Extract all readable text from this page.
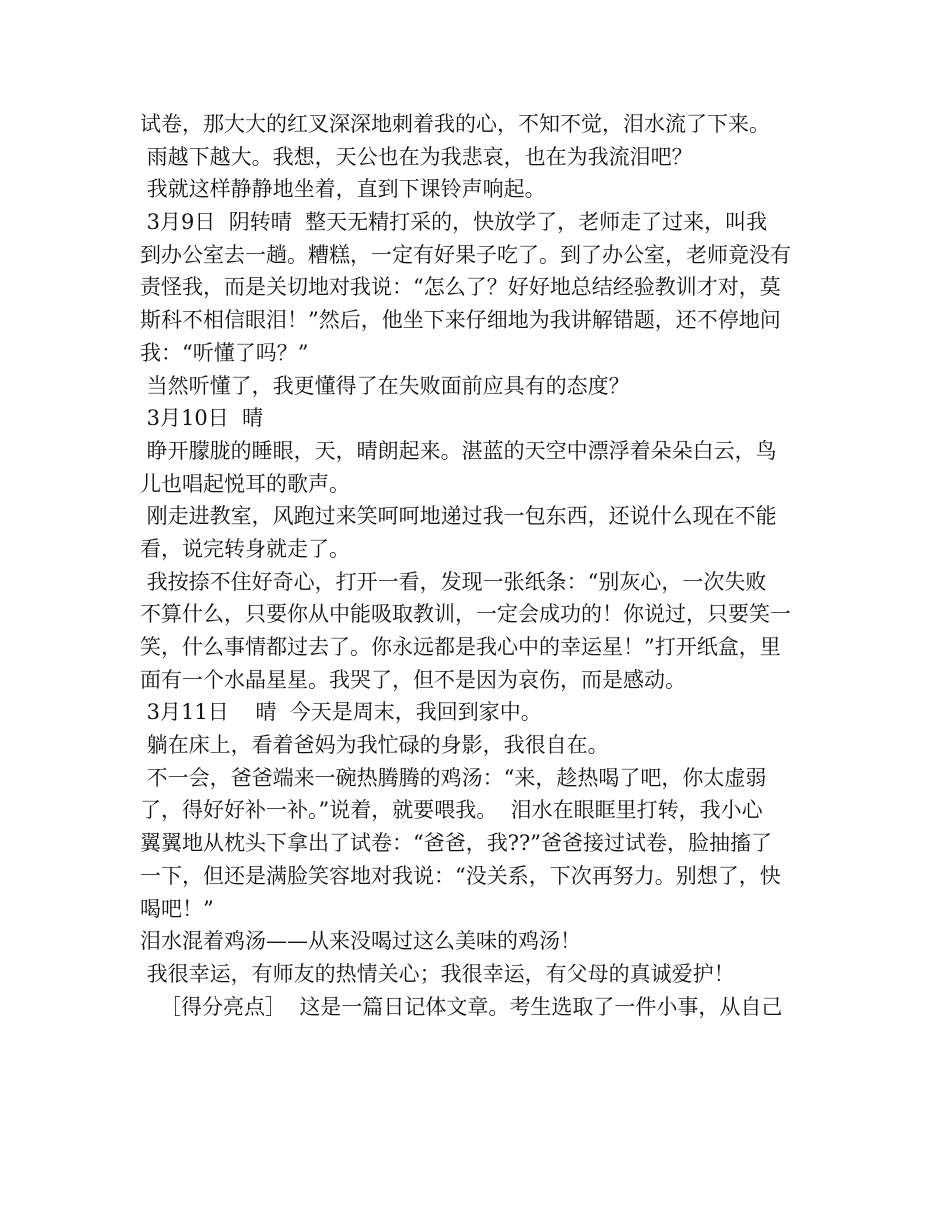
试卷，那大大的红叉深深地刺着我的心，不知不觉，泪水流了下来。
雨越下越大。我想，天公也在为我悲哀，也在为我流泪吧？
我就这样静静地坐着，直到下课铃声响起。
3月9日  阴转晴  整天无精打采的，快放学了，老师走了过来，叫我
到办公室去一趟。糟糕，一定有好果子吃了。到了办公室，老师竟没有
责怪我，而是关切地对我说：“怎么了？好好地总结经验教训才对，莫
斯科不相信眼泪！”然后，他坐下来仔细地为我讲解错题，还不停地问
我：“听懂了吗？”
当然听懂了，我更懂得了在失败面前应具有的态度？
3月10日  晴
睁开朦胧的睡眼，天，晴朗起来。湛蓝的天空中漂浮着朵朵白云，鸟
儿也唱起悦耳的歌声。
刚走进教室，风跑过来笑呵呵地递过我一包东西，还说什么现在不能
看，说完转身就走了。
我按捺不住好奇心，打开一看，发现一张纸条：“别灰心，一次失败
不算什么，只要你从中能吸取教训，一定会成功的！你说过，只要笑一
笑，什么事情都过去了。你永远都是我心中的幸运星！”打开纸盒，里
面有一个水晶星星。我哭了，但不是因为哀伤，而是感动。
3月11日    晴  今天是周末，我回到家中。
躺在床上，看着爸妈为我忙碌的身影，我很自在。
不一会，爸爸端来一碗热腾腾的鸡汤：“来，趁热喝了吧，你太虚弱
了，得好好补一补。”说着，就要喂我。  泪水在眼眶里打转，我小心
翼翼地从枕头下拿出了试卷：“爸爸，我??”爸爸接过试卷，脸抽搐了
一下，但还是满脸笑容地对我说：“没关系，下次再努力。别想了，快
喝吧！”
泪水混着鸡汤——从来没喝过这么美味的鸡汤！
我很幸运，有师友的热情关心；我很幸运，有父母的真诚爱护！
［得分亮点］  这是一篇日记体文章。考生选取了一件小事，从自己
